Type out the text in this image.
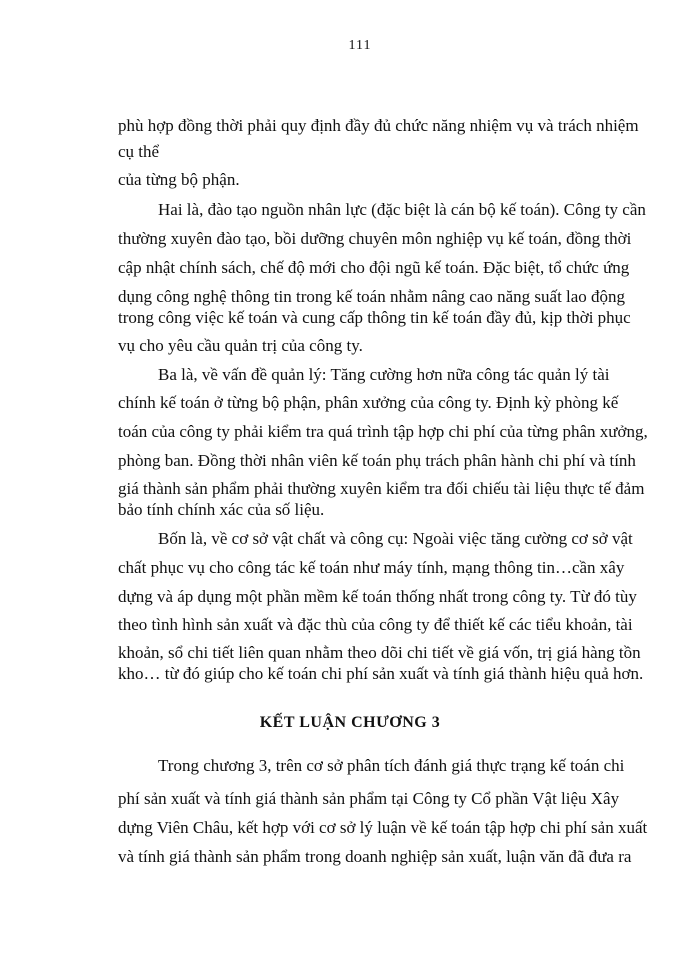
111
phù hợp đồng thời phải quy định đầy đủ chức năng nhiệm vụ và trách nhiệm
cụ thể
của từng bộ phận.
Hai là, đào tạo nguồn nhân lực (đặc biệt là cán bộ kế toán). Công ty cần
thường xuyên đào tạo, bồi dưỡng chuyên môn nghiệp vụ kế toán, đồng thời
cập nhật chính sách, chế độ mới cho đội ngũ kế toán. Đặc biệt, tổ chức ứng
dụng công nghệ thông tin trong kế toán nhằm nâng cao năng suất lao động
trong công việc kế toán và cung cấp thông tin kế toán đầy đủ, kịp thời phục
vụ cho yêu cầu quản trị của công ty.
Ba là, về vấn đề quản lý: Tăng cường hơn nữa công tác quản lý tài
chính kế toán ở từng bộ phận, phân xưởng của công ty. Định kỳ phòng kế
toán của công ty phải kiểm tra quá trình tập hợp chi phí của từng phân xưởng,
phòng ban. Đồng thời nhân viên kế toán phụ trách phân hành chi phí và tính
giá thành sản phẩm phải thường xuyên kiểm tra đối chiếu tài liệu thực tế đảm
bảo tính chính xác của số liệu.
Bốn là, về cơ sở vật chất và công cụ: Ngoài việc tăng cường cơ sở vật
chất phục vụ cho công tác kế toán như máy tính, mạng thông tin…cần xây
dựng và áp dụng một phần mềm kế toán thống nhất trong công ty. Từ đó tùy
theo tình hình sản xuất và đặc thù của công ty để thiết kế các tiểu khoản, tài
khoản, sổ chi tiết liên quan nhằm theo dõi chi tiết về giá vốn, trị giá hàng tồn
kho… từ đó giúp cho kế toán chi phí sản xuất và tính giá thành hiệu quả hơn.
KẾT LUẬN CHƯƠNG 3
Trong chương 3, trên cơ sở phân tích đánh giá thực trạng kế toán chi
phí sản xuất và tính giá thành sản phẩm tại Công ty Cổ phần Vật liệu Xây
dựng Viên Châu, kết hợp với cơ sở lý luận về kế toán tập hợp chi phí sản xuất
và tính giá thành sản phẩm trong doanh nghiệp sản xuất, luận văn đã đưa ra
